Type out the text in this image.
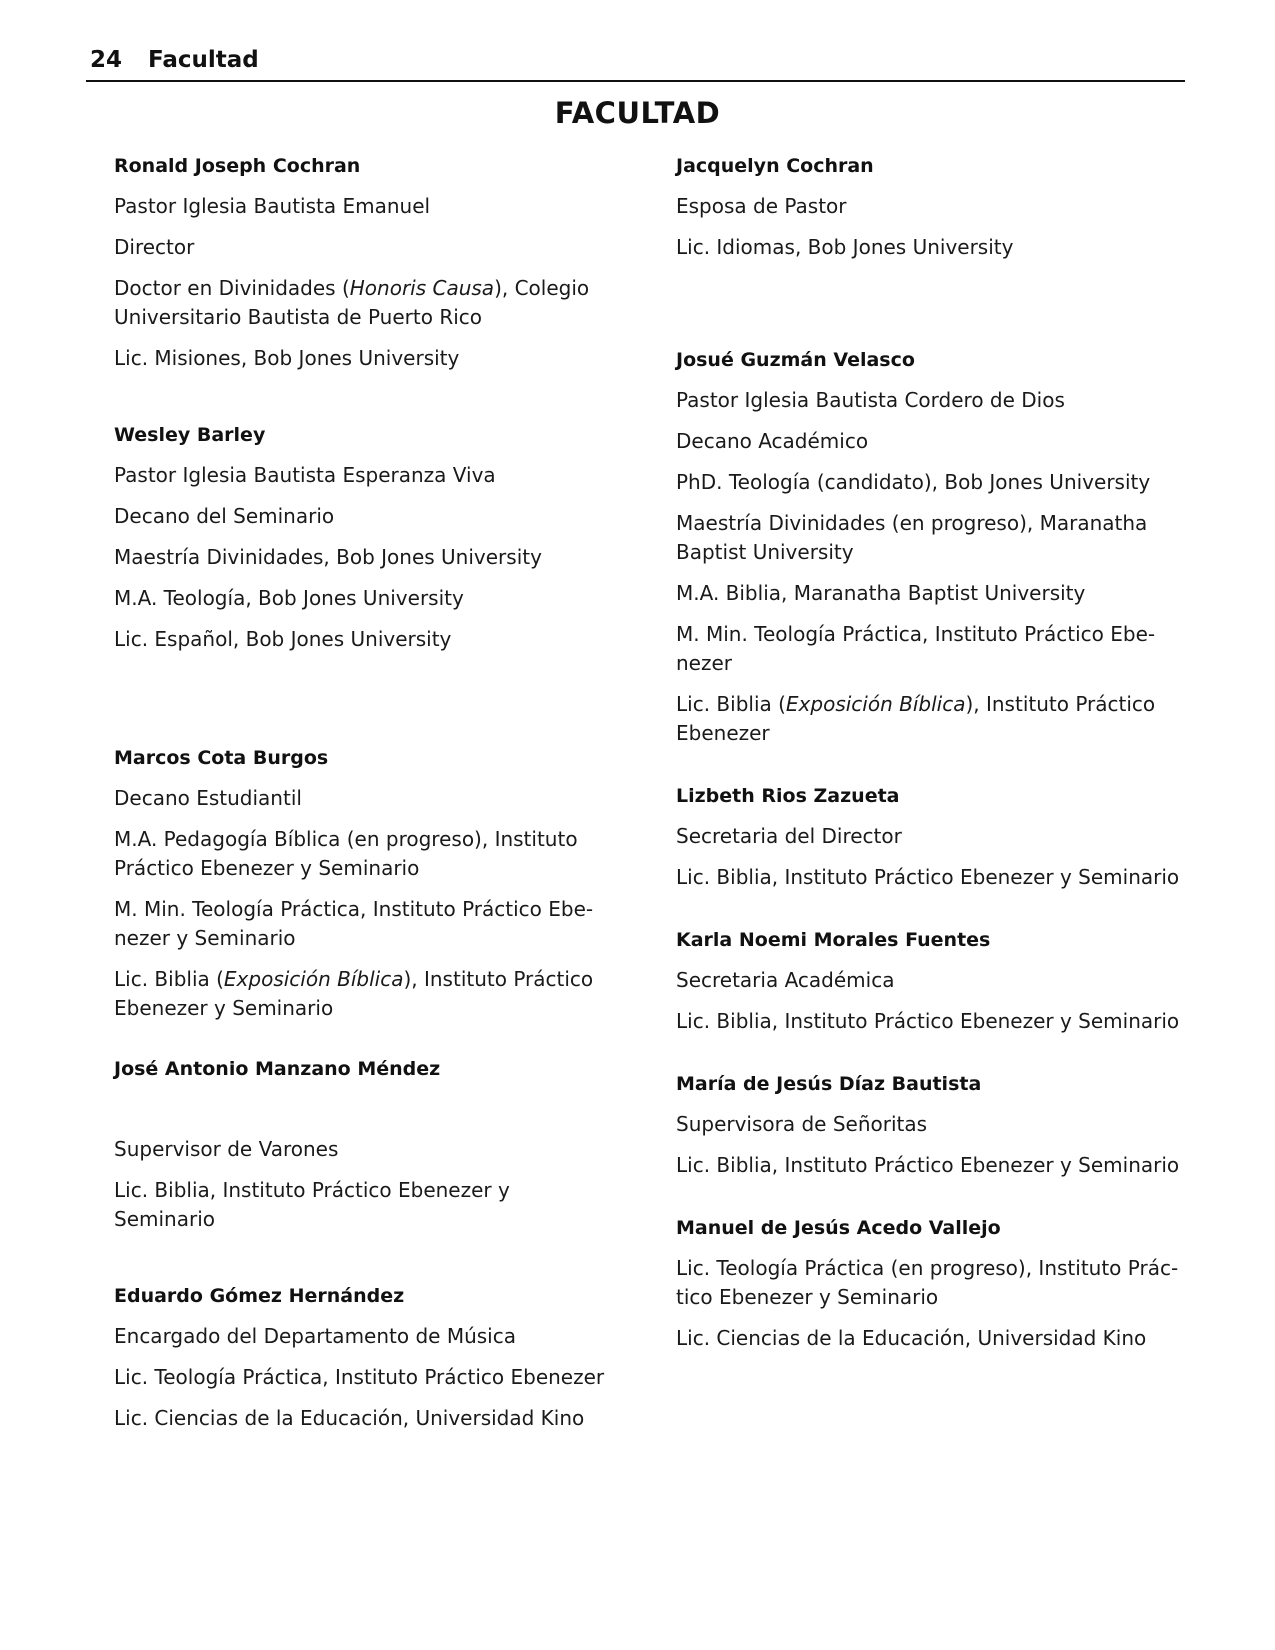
24 Facultad
FACULTAD
Ronald Joseph Cochran
Pastor Iglesia Bautista Emanuel
Director
Doctor en Divinidades (Honoris Causa), Colegio Universitario Bautista de Puerto Rico
Lic. Misiones, Bob Jones University
Wesley Barley
Pastor Iglesia Bautista Esperanza Viva
Decano del Seminario
Maestría Divinidades, Bob Jones University
M.A. Teología, Bob Jones University
Lic. Español, Bob Jones University
Marcos Cota Burgos
Decano Estudiantil
M.A. Pedagogía Bíblica (en progreso), Instituto Práctico Ebenezer y Seminario
M. Min. Teología Práctica, Instituto Práctico Ebe-nezer y Seminario
Lic. Biblia (Exposición Bíblica), Instituto Práctico Ebenezer y Seminario
José Antonio Manzano Méndez
Supervisor de Varones
Lic. Biblia, Instituto Práctico Ebenezer y Seminario
Eduardo Gómez Hernández
Encargado del Departamento de Música
Lic. Teología Práctica, Instituto Práctico Ebenezer
Lic. Ciencias de la Educación, Universidad Kino
Jacquelyn Cochran
Esposa de Pastor
Lic. Idiomas, Bob Jones University
Josué Guzmán Velasco
Pastor Iglesia Bautista Cordero de Dios
Decano Académico
PhD. Teología (candidato), Bob Jones University
Maestría Divinidades (en progreso), Maranatha Baptist University
M.A. Biblia, Maranatha Baptist University
M. Min. Teología Práctica, Instituto Práctico Ebe-nezer
Lic. Biblia (Exposición Bíblica), Instituto Práctico Ebenezer
Lizbeth Rios Zazueta
Secretaria del Director
Lic. Biblia, Instituto Práctico Ebenezer y Seminario
Karla Noemi Morales Fuentes
Secretaria Académica
Lic. Biblia, Instituto Práctico Ebenezer y Seminario
María de Jesús Díaz Bautista
Supervisora de Señoritas
Lic. Biblia, Instituto Práctico Ebenezer y Seminario
Manuel de Jesús Acedo Vallejo
Lic. Teología Práctica (en progreso), Instituto Prác-tico Ebenezer y Seminario
Lic. Ciencias de la Educación, Universidad Kino
